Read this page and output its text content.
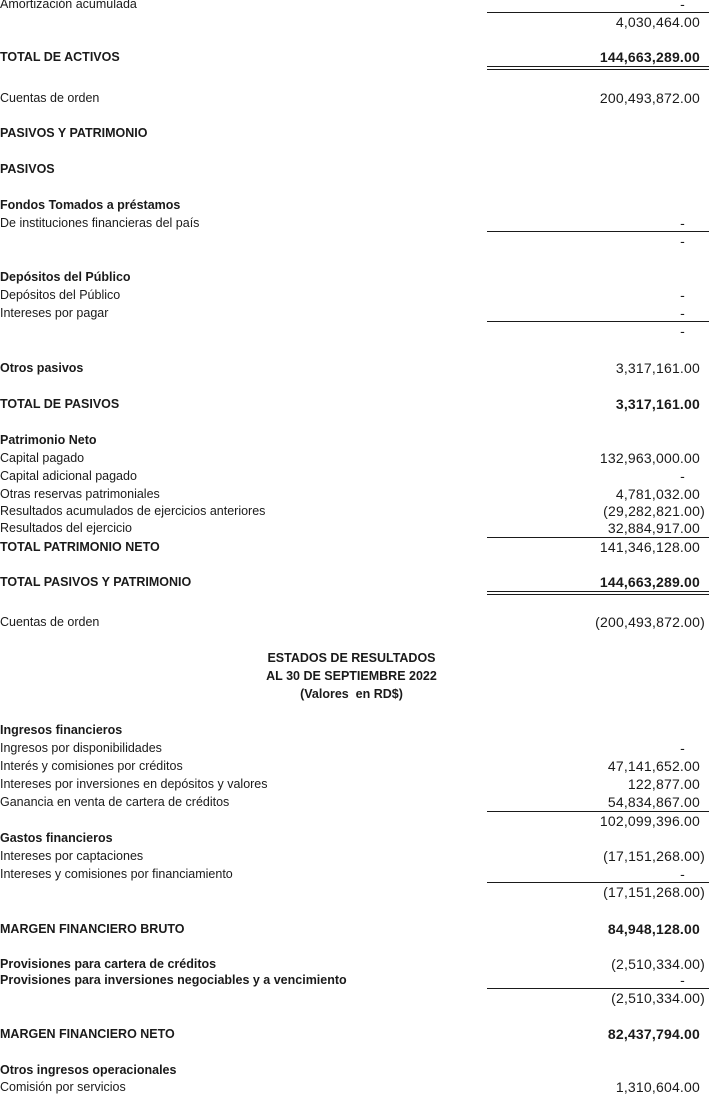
Amortización acumulada	-
4,030,464.00
TOTAL DE ACTIVOS	144,663,289.00
Cuentas de orden	200,493,872.00
PASIVOS Y PATRIMONIO
PASIVOS
Fondos Tomados a préstamos
De instituciones financieras del país	-
-
Depósitos del Público
Depósitos del Público	-
Intereses por pagar	-
-
Otros pasivos	3,317,161.00
TOTAL DE PASIVOS	3,317,161.00
Patrimonio Neto
Capital pagado	132,963,000.00
Capital adicional pagado	-
Otras reservas patrimoniales	4,781,032.00
Resultados acumulados de ejercicios anteriores	(29,282,821.00)
Resultados del ejercicio	32,884,917.00
TOTAL PATRIMONIO NETO	141,346,128.00
TOTAL PASIVOS Y PATRIMONIO	144,663,289.00
Cuentas de orden	(200,493,872.00)
ESTADOS DE RESULTADOS
AL 30 DE SEPTIEMBRE 2022
(Valores  en RD$)
Ingresos financieros
Ingresos por disponibilidades	-
Interés y comisiones por créditos	47,141,652.00
Intereses por inversiones en depósitos y valores	122,877.00
Ganancia en venta de cartera de créditos	54,834,867.00
102,099,396.00
Gastos financieros
Intereses por captaciones	(17,151,268.00)
Intereses y comisiones por financiamiento	-
(17,151,268.00)
MARGEN FINANCIERO BRUTO	84,948,128.00
Provisiones para cartera de créditos	(2,510,334.00)
Provisiones para inversiones negociables y a vencimiento	-
(2,510,334.00)
MARGEN FINANCIERO NETO	82,437,794.00
Otros ingresos operacionales
Comisión por servicios	1,310,604.00
